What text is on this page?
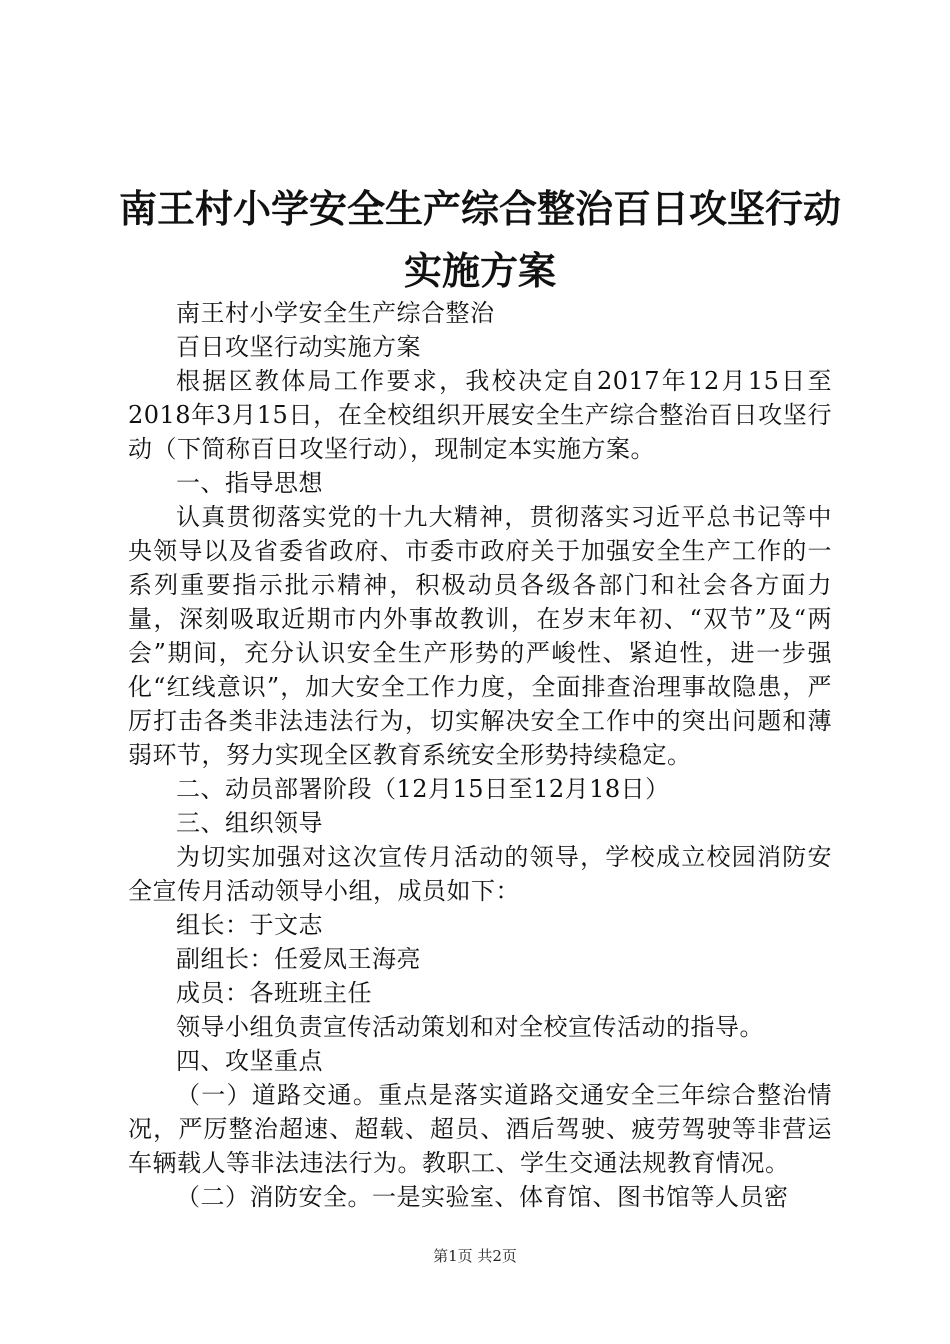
南王村小学安全生产综合整治百日攻坚行动实施方案

南王村小学安全生产综合整治

百日攻坚行动实施方案

根据区教体局工作要求，我校决定自2017年12月15日至2018年3月15日，在全校组织开展安全生产综合整治百日攻坚行动（下简称百日攻坚行动），现制定本实施方案。

一、指导思想

认真贯彻落实党的十九大精神，贯彻落实习近平总书记等中央领导以及省委省政府、市委市政府关于加强安全生产工作的一系列重要指示批示精神，积极动员各级各部门和社会各方面力量，深刻吸取近期市内外事故教训，在岁末年初、“双节”及“两会”期间，充分认识安全生产形势的严峻性、紧迫性，进一步强化“红线意识”，加大安全工作力度，全面排查治理事故隐患，严厉打击各类非法违法行为，切实解决安全工作中的突出问题和薄弱环节，努力实现全区教育系统安全形势持续稳定。

二、动员部署阶段（12月15日至12月18日）

三、组织领导

为切实加强对这次宣传月活动的领导，学校成立校园消防安全宣传月活动领导小组，成员如下：

组长：于文志

副组长：任爱凤王海亮

成员：各班班主任

领导小组负责宣传活动策划和对全校宣传活动的指导。

四、攻坚重点

（一）道路交通。重点是落实道路交通安全三年综合整治情况，严厉整治超速、超载、超员、酒后驾驶、疲劳驾驶等非营运车辆载人等非法违法行为。教职工、学生交通法规教育情况。

（二）消防安全。一是实验室、体育馆、图书馆等人员密

第1页 共2页
